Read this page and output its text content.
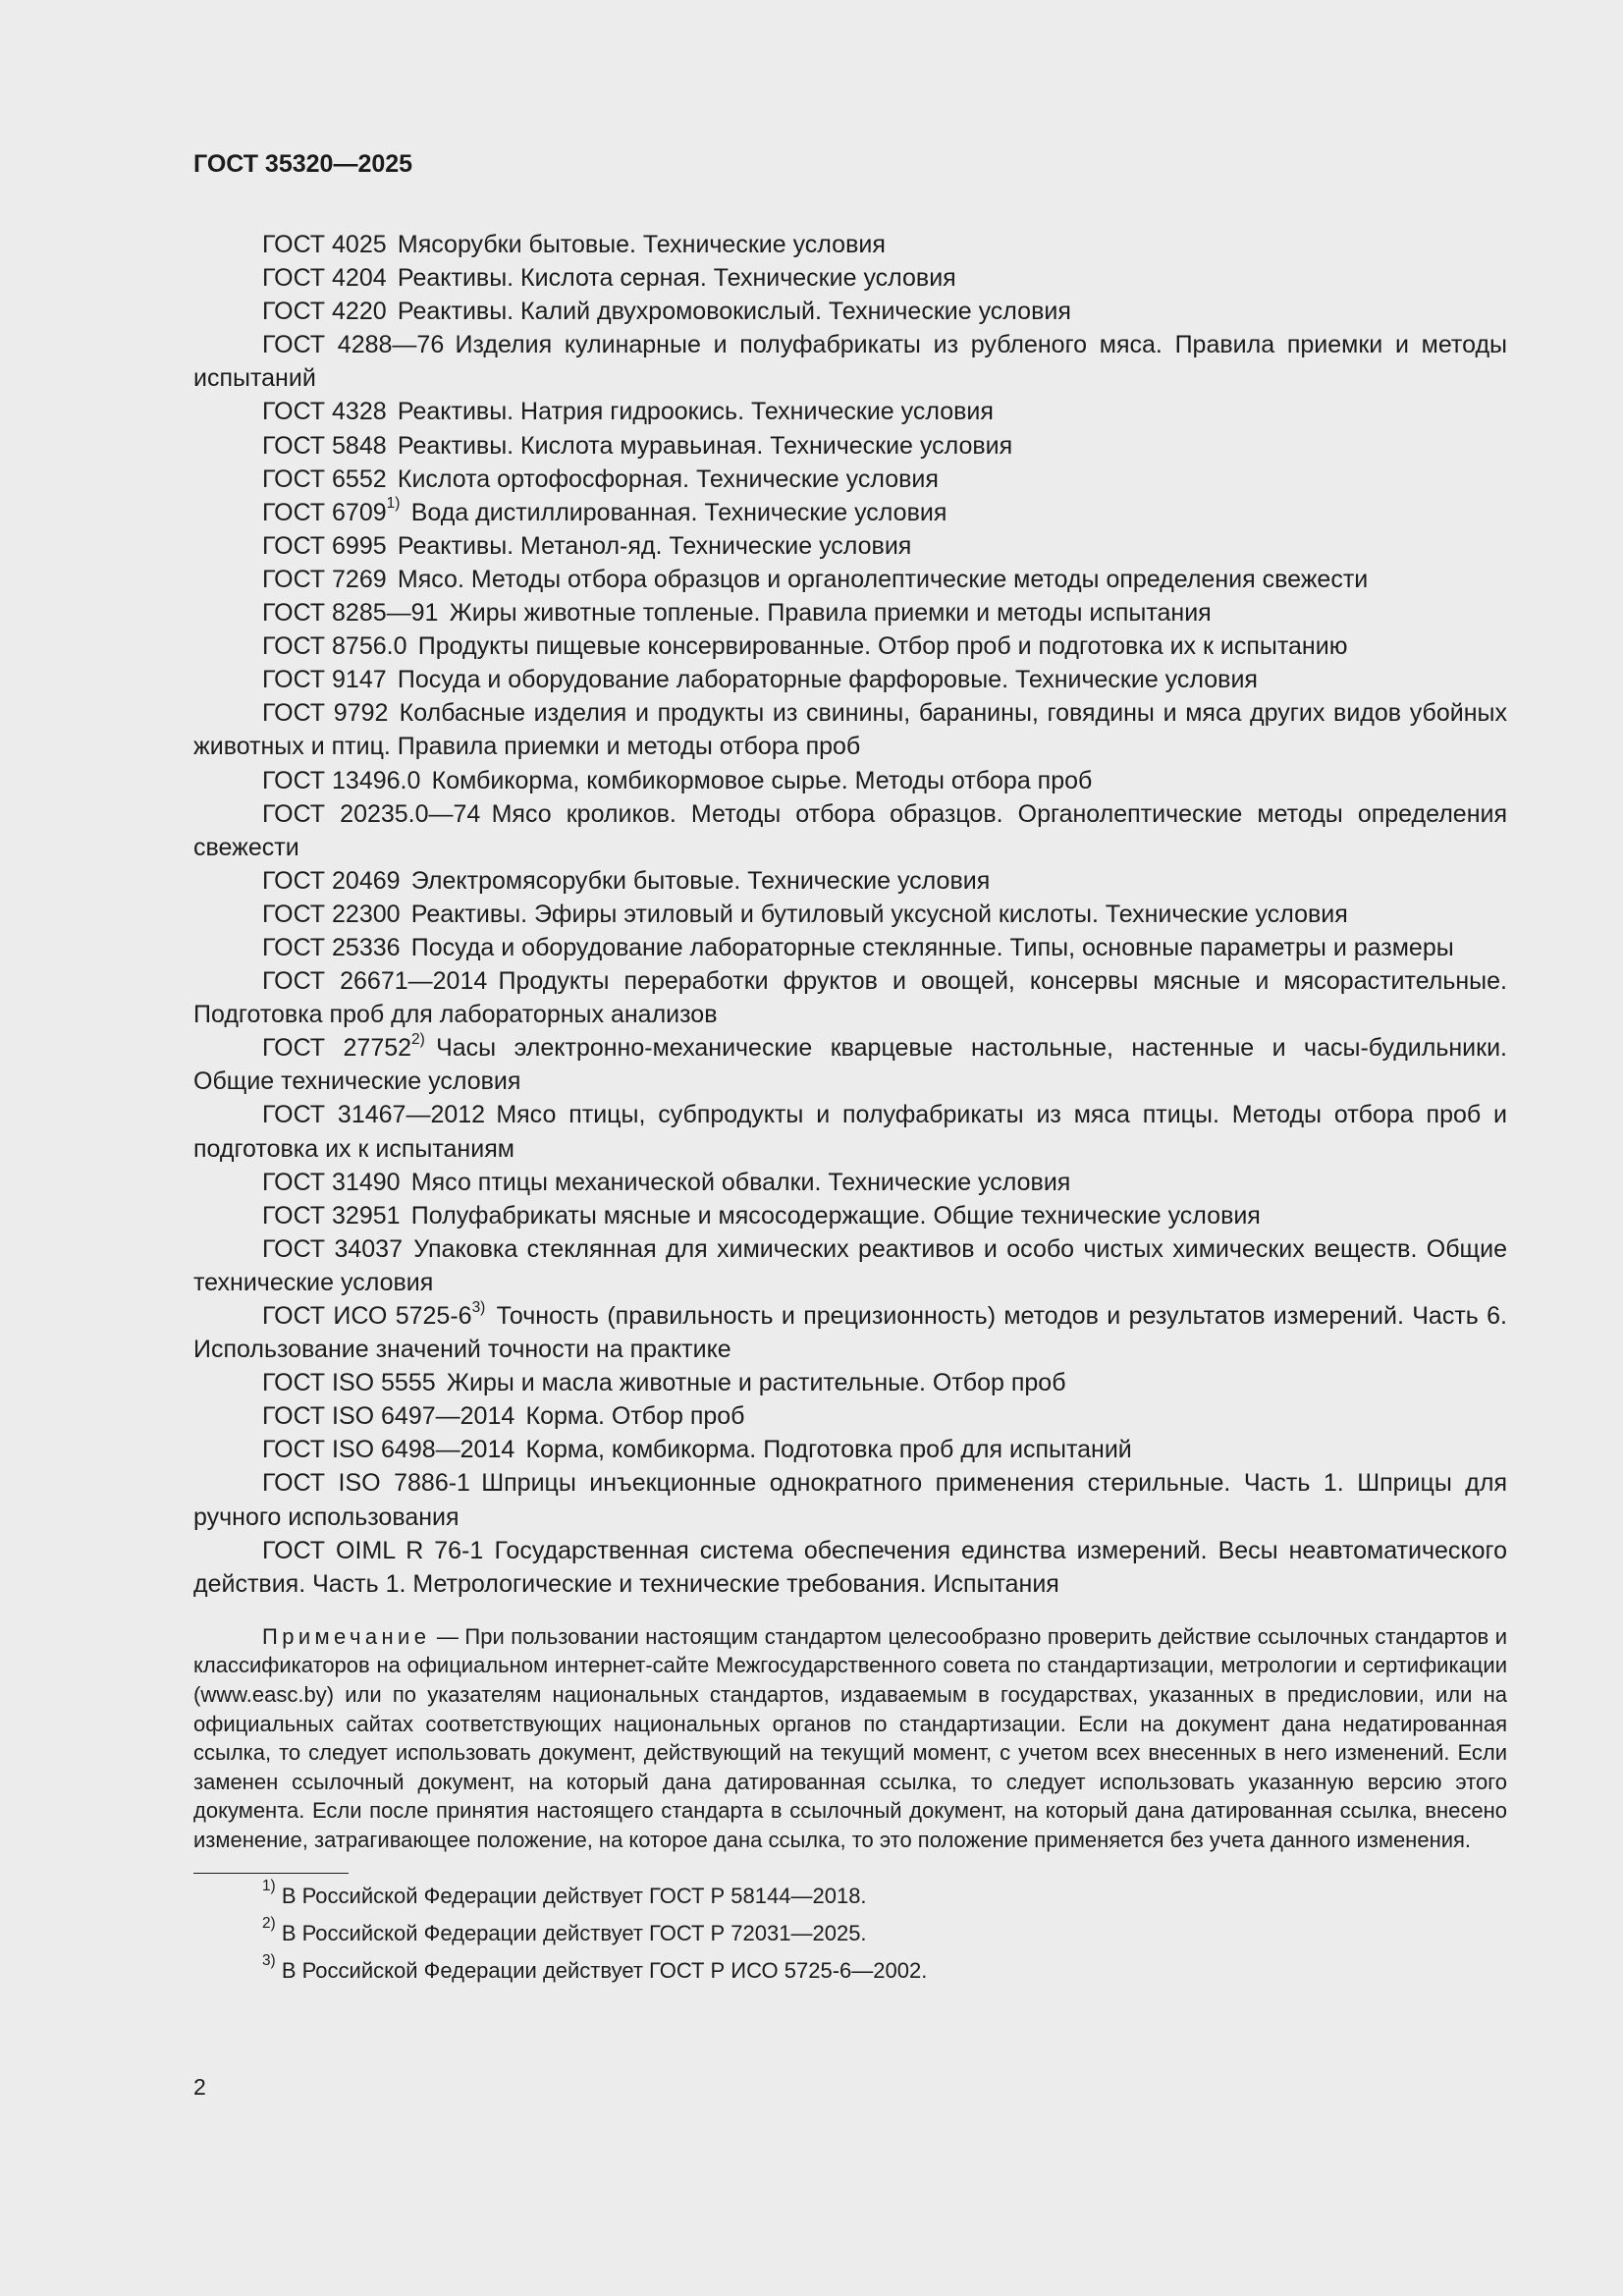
ГОСТ 35320—2025

ГОСТ 4025 Мясорубки бытовые. Технические условия

ГОСТ 4204 Реактивы. Кислота серная. Технические условия

ГОСТ 4220 Реактивы. Калий двухромовокислый. Технические условия

ГОСТ 4288—76 Изделия кулинарные и полуфабрикаты из рубленого мяса. Правила приемки и методы испытаний

ГОСТ 4328 Реактивы. Натрия гидроокись. Технические условия

ГОСТ 5848 Реактивы. Кислота муравьиная. Технические условия

ГОСТ 6552 Кислота ортофосфорная. Технические условия

ГОСТ 6709$^{1)}$ Вода дистиллированная. Технические условия

ГОСТ 6995 Реактивы. Метанол-яд. Технические условия

ГОСТ 7269 Мясо. Методы отбора образцов и органолептические методы определения свежести

ГОСТ 8285—91 Жиры животные топленые. Правила приемки и методы испытания

ГОСТ 8756.0 Продукты пищевые консервированные. Отбор проб и подготовка их к испытанию

ГОСТ 9147 Посуда и оборудование лабораторные фарфоровые. Технические условия

ГОСТ 9792 Колбасные изделия и продукты из свинины, баранины, говядины и мяса других видов убойных животных и птиц. Правила приемки и методы отбора проб

ГОСТ 13496.0 Комбикорма, комбикормовое сырье. Методы отбора проб

ГОСТ 20235.0—74 Мясо кроликов. Методы отбора образцов. Органолептические методы определения свежести

ГОСТ 20469 Электромясорубки бытовые. Технические условия

ГОСТ 22300 Реактивы. Эфиры этиловый и бутиловый уксусной кислоты. Технические условия

ГОСТ 25336 Посуда и оборудование лабораторные стеклянные. Типы, основные параметры и размеры

ГОСТ 26671—2014 Продукты переработки фруктов и овощей, консервы мясные и мясорастительные. Подготовка проб для лабораторных анализов

ГОСТ 27752$^{2)}$ Часы электронно-механические кварцевые настольные, настенные и часы-будильники. Общие технические условия

ГОСТ 31467—2012 Мясо птицы, субпродукты и полуфабрикаты из мяса птицы. Методы отбора проб и подготовка их к испытаниям

ГОСТ 31490 Мясо птицы механической обвалки. Технические условия

ГОСТ 32951 Полуфабрикаты мясные и мясосодержащие. Общие технические условия

ГОСТ 34037 Упаковка стеклянная для химических реактивов и особо чистых химических веществ. Общие технические условия

ГОСТ ИСО 5725-6$^{3)}$ Точность (правильность и прецизионность) методов и результатов измерений. Часть 6. Использование значений точности на практике

ГОСТ ISO 5555 Жиры и масла животные и растительные. Отбор проб

ГОСТ ISO 6497—2014 Корма. Отбор проб

ГОСТ ISO 6498—2014 Корма, комбикорма. Подготовка проб для испытаний

ГОСТ ISO 7886-1 Шприцы инъекционные однократного применения стерильные. Часть 1. Шприцы для ручного использования

ГОСТ OIML R 76-1 Государственная система обеспечения единства измерений. Весы неавтоматического действия. Часть 1. Метрологические и технические требования. Испытания

Примечание — При пользовании настоящим стандартом целесообразно проверить действие ссылочных стандартов и классификаторов на официальном интернет-сайте Межгосударственного совета по стандартизации, метрологии и сертификации (www.easc.by) или по указателям национальных стандартов, издаваемым в государствах, указанных в предисловии, или на официальных сайтах соответствующих национальных органов по стандартизации. Если на документ дана недатированная ссылка, то следует использовать документ, действующий на текущий момент, с учетом всех внесенных в него изменений. Если заменен ссылочный документ, на который дана датированная ссылка, то следует использовать указанную версию этого документа. Если после принятия настоящего стандарта в ссылочный документ, на который дана датированная ссылка, внесено изменение, затрагивающее положение, на которое дана ссылка, то это положение применяется без учета данного изменения.

$^{1)}$ В Российской Федерации действует ГОСТ Р 58144—2018.
$^{2)}$ В Российской Федерации действует ГОСТ Р 72031—2025.
$^{3)}$ В Российской Федерации действует ГОСТ Р ИСО 5725-6—2002.
2
